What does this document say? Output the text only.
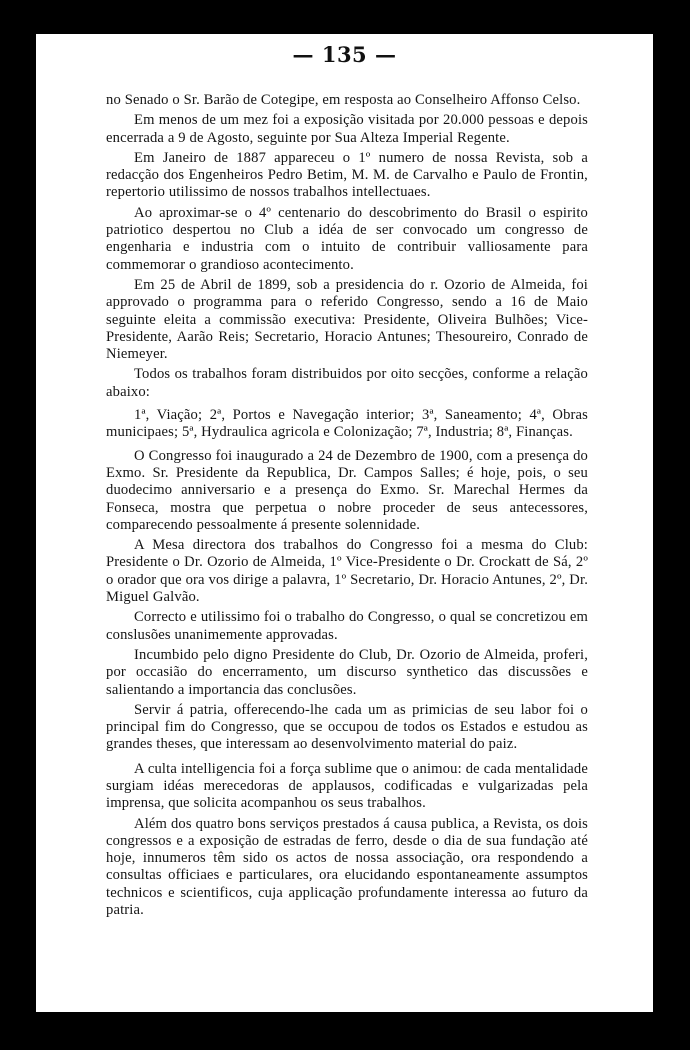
— 135 —

no Senado o Sr. Barão de Cotegipe, em resposta ao Conselheiro Affonso Celso.

Em menos de um mez foi a exposição visitada por 20.000 pessoas e depois encerrada a 9 de Agosto, seguinte por Sua Alteza Imperial Regente.

Em Janeiro de 1887 appareceu o 1º numero de nossa Revista, sob a redacção dos Engenheiros Pedro Betim, M. M. de Carvalho e Paulo de Frontin, repertorio utilissimo de nossos trabalhos intellectuaes.

Ao aproximar-se o 4º centenario do descobrimento do Brasil o espirito patriotico despertou no Club a idéa de ser convocado um congresso de engenharia e industria com o intuito de contribuir valliosamente para commemorar o grandioso acontecimento.

Em 25 de Abril de 1899, sob a presidencia do r. Ozorio de Almeida, foi approvado o programma para o referido Congresso, sendo a 16 de Maio seguinte eleita a commissão executiva: Presidente, Oliveira Bulhões; Vice-Presidente, Aarão Reis; Secretario, Horacio Antunes; Thesoureiro, Conrado de Niemeyer.

Todos os trabalhos foram distribuidos por oito secções, conforme a relação abaixo:

1ª, Viação; 2ª, Portos e Navegação interior; 3ª, Saneamento; 4ª, Obras municipaes; 5ª, Hydraulica agricola e Colonização; 7ª, Industria; 8ª, Finanças.

O Congresso foi inaugurado a 24 de Dezembro de 1900, com a presença do Exmo. Sr. Presidente da Republica, Dr. Campos Salles; é hoje, pois, o seu duodecimo anniversario e a presença do Exmo. Sr. Marechal Hermes da Fonseca, mostra que perpetua o nobre proceder de seus antecessores, comparecendo pessoalmente á presente solennidade.

A Mesa directora dos trabalhos do Congresso foi a mesma do Club: Presidente o Dr. Ozorio de Almeida, 1º Vice-Presidente o Dr. Crockatt de Sá, 2º o orador que ora vos dirige a palavra, 1º Secretario, Dr. Horacio Antunes, 2º, Dr. Miguel Galvão.

Correcto e utilissimo foi o trabalho do Congresso, o qual se concretizou em conslusões unanimemente approvadas.

Incumbido pelo digno Presidente do Club, Dr. Ozorio de Almeida, proferi, por occasião do encerramento, um discurso synthetico das discussões e salientando a importancia das conclusões.

Servir á patria, offerecendo-lhe cada um as primicias de seu labor foi o principal fim do Congresso, que se occupou de todos os Estados e estudou as grandes theses, que interessam ao desenvolvimento material do paiz.

A culta intelligencia foi a força sublime que o animou: de cada mentalidade surgiam idéas merecedoras de applausos, codificadas e vulgarizadas pela imprensa, que solicita acompanhou os seus trabalhos.

Além dos quatro bons serviços prestados á causa publica, a Revista, os dois congressos e a exposição de estradas de ferro, desde o dia de sua fundação até hoje, innumeros têm sido os actos de nossa associação, ora respondendo a consultas officiaes e particulares, ora elucidando espontaneamente assumptos technicos e scientificos, cuja applicação profundamente interessa ao futuro da patria.
